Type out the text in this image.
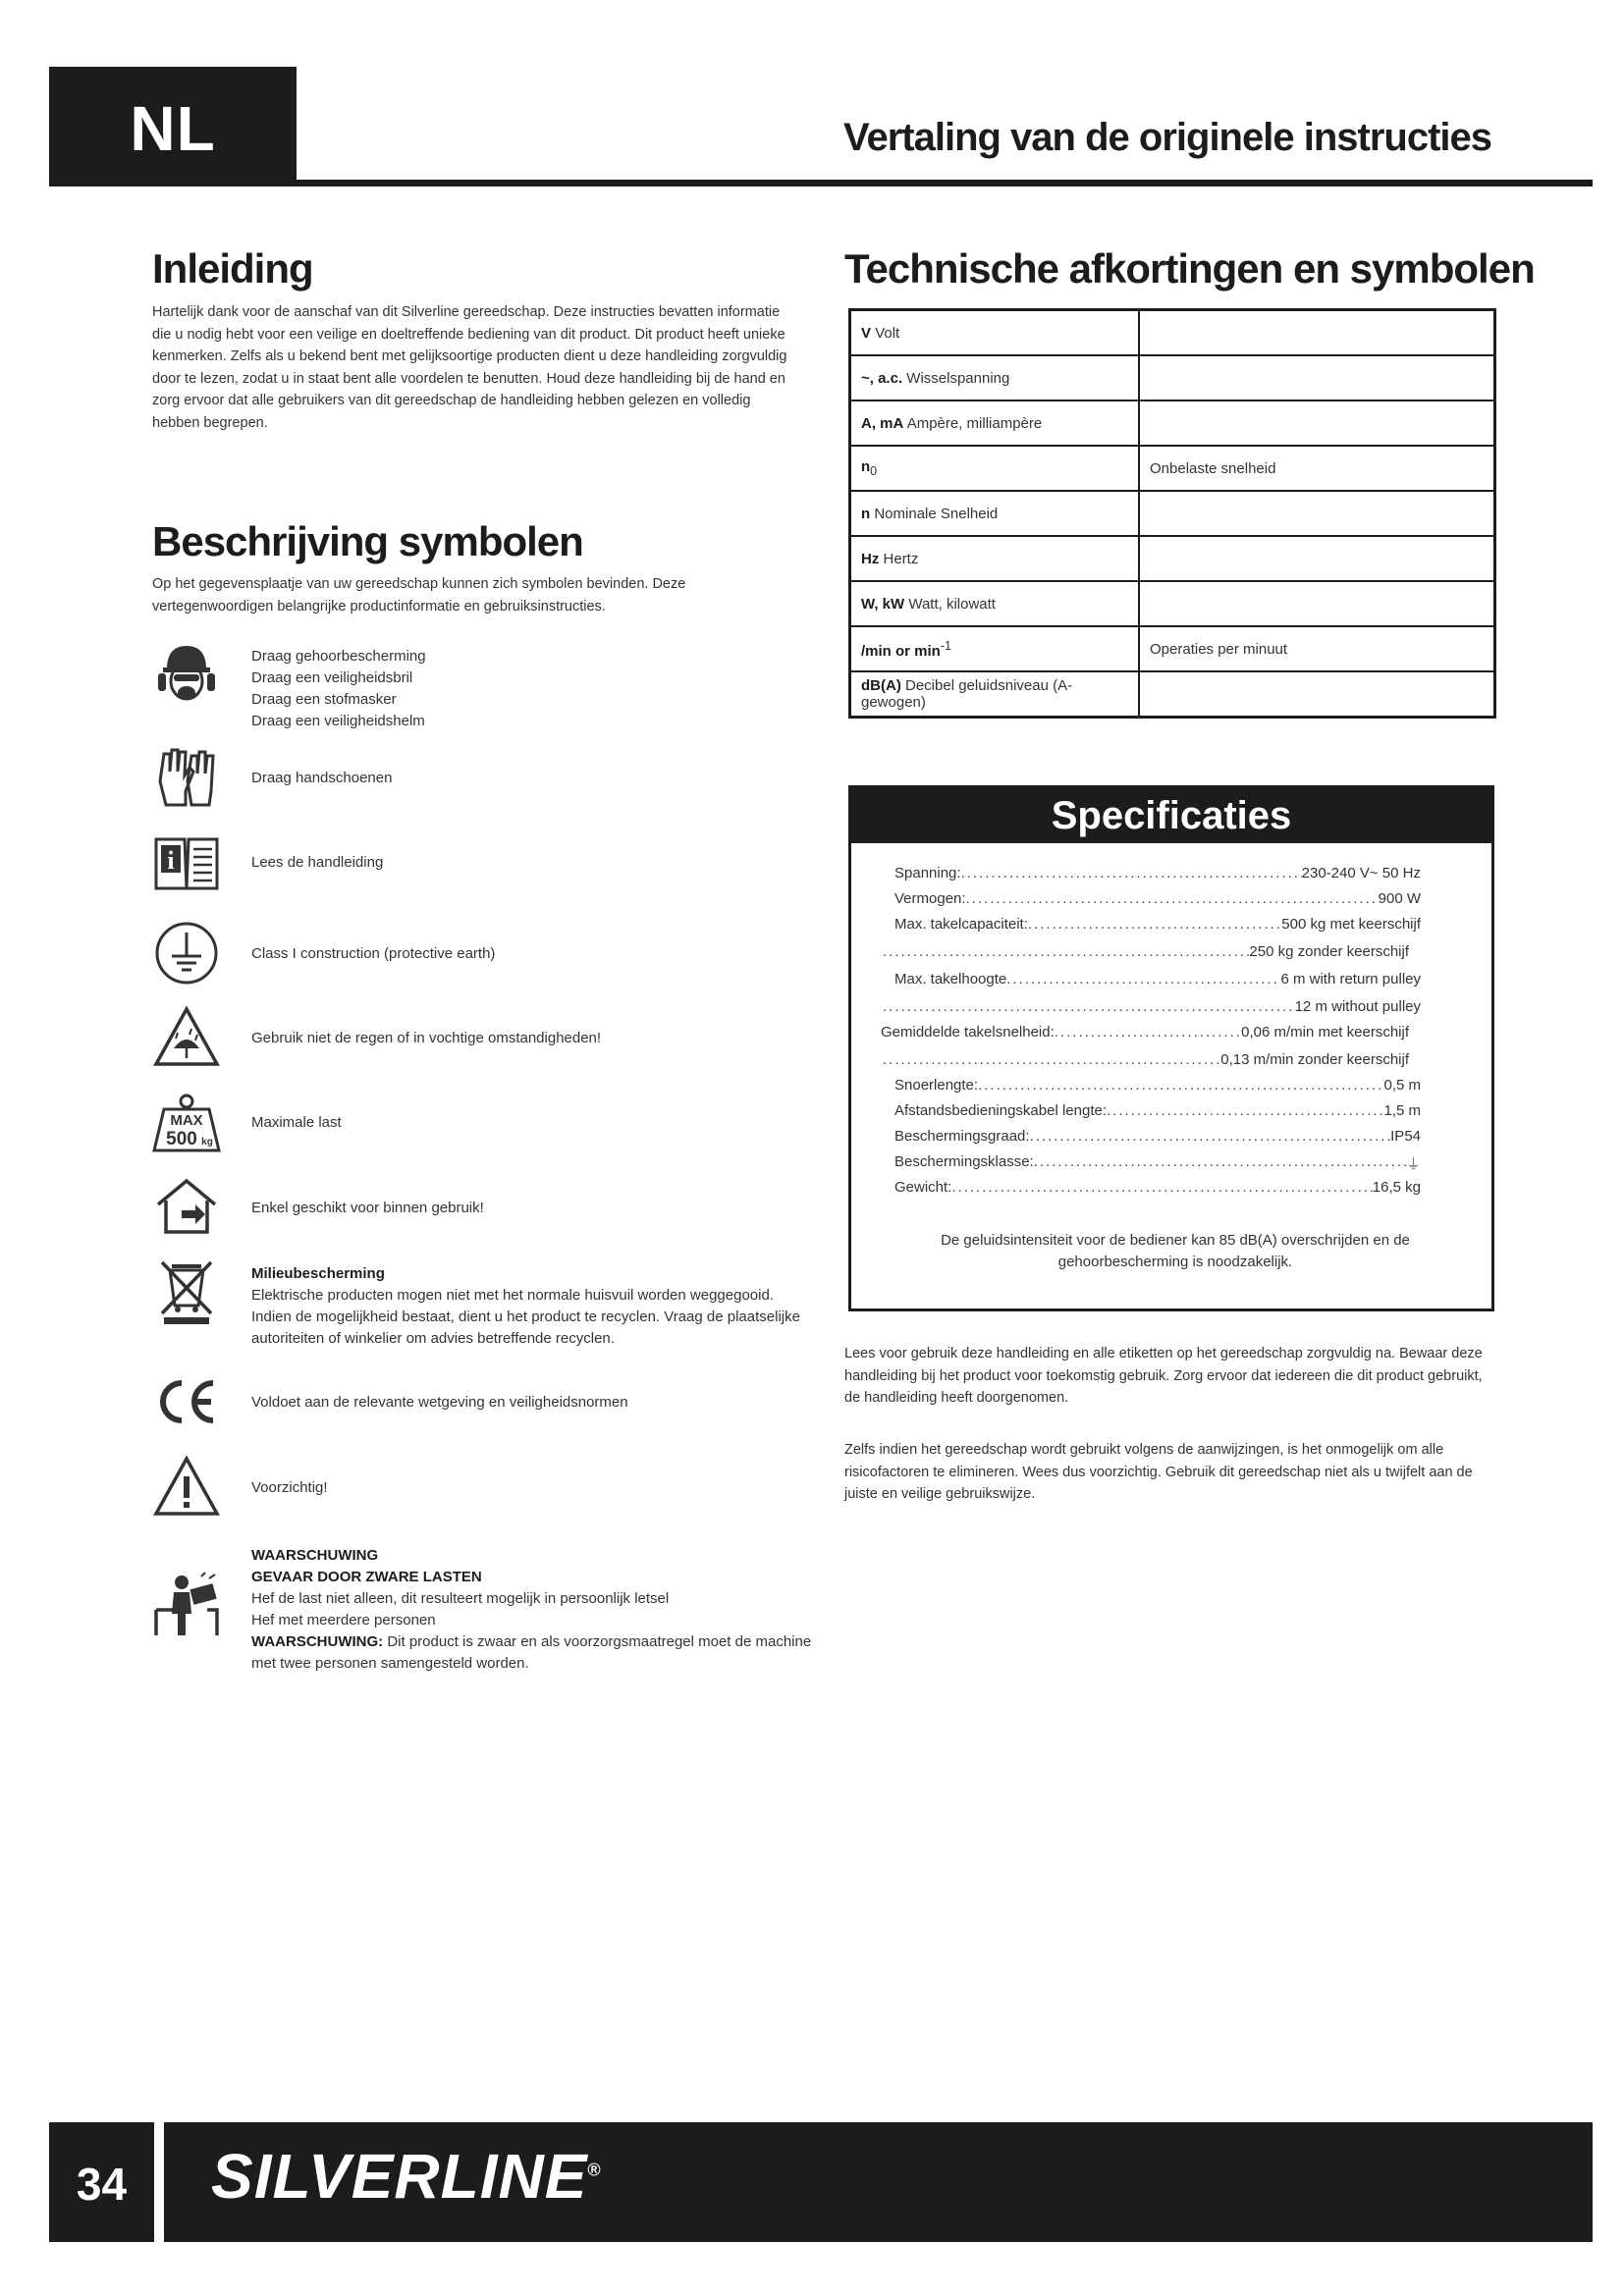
NL	Vertaling van de originele instructies
Inleiding
Hartelijk dank voor de aanschaf van dit Silverline gereedschap. Deze instructies bevatten informatie die u nodig hebt voor een veilige en doeltreffende bediening van dit product. Dit product heeft unieke kenmerken. Zelfs als u bekend bent met gelijksoortige producten dient u deze handleiding zorgvuldig door te lezen, zodat u in staat bent alle voordelen te benutten. Houd deze handleiding bij de hand en zorg ervoor dat alle gebruikers van dit gereedschap de handleiding hebben gelezen en volledig hebben begrepen.
Beschrijving symbolen
Op het gegevensplaatje van uw gereedschap kunnen zich symbolen bevinden. Deze vertegenwoordigen belangrijke productinformatie en gebruiksinstructies.
Draag gehoorbescherming
Draag een veiligheidsbril
Draag een stofmasker
Draag een veiligheidshelm
Draag handschoenen
i	Lees de handleiding
Class I construction (protective earth)
Gebruik niet de regen of in vochtige omstandigheden!
MAX
500 kg
Maximale last
Enkel geschikt voor binnen gebruik!
Milieubescherming
Elektrische producten mogen niet met het normale huisvuil worden weggegooid.
Indien de mogelijkheid bestaat, dient u het product te recyclen. Vraag de plaatselijke
autoriteiten of winkelier om advies betreffende recyclen.
Voldoet aan de relevante wetgeving en veiligheidsnormen
Voorzichtig!
WAARSCHUWING
GEVAAR DOOR ZWARE LASTEN
Hef de last niet alleen, dit resulteert mogelijk in persoonlijk letsel
Hef met meerdere personen
WAARSCHUWING: Dit product is zwaar en als voorzorgsmaatregel moet de machine
met twee personen samengesteld worden.
Technische afkortingen en symbolen
V Volt	
~, a.c. Wisselspanning	
A, mA Ampère, milliampère	
$n_0$	Onbelaste snelheid
n Nominale Snelheid	
Hz Hertz	
W, kW Watt, kilowatt	
/min or $\min^{-1}$	Operaties per minuut
dB(A) Decibel geluidsniveau (A-gewogen)	
Specificaties
Spanning: .....	230-240 V~ 50 Hz
Vermogen: .....	900 W
Max. takelcapaciteit: .....	500 kg met keerschijf
.....
250 kg zonder keerschijf
Max. takelhoogte .....	6 m with return pulley
.....
12 m without pulley
Gemiddelde takelsnelheid: .....	0,06 m/min met keerschijf
.....
0,13 m/min zonder keerschijf
Snoerlengte: .....	0,5 m
Afstandsbedieningskabel lengte: .....	1,5 m
Beschermingsgraad: .....	IP54
Beschermingsklasse: .....	⏚
Gewicht: .....	16,5 kg
De geluidsintensiteit voor de bediener kan 85 dB(A) overschrijden en de gehoorbescherming is noodzakelijk.
Lees voor gebruik deze handleiding en alle etiketten op het gereedschap zorgvuldig na. Bewaar deze handleiding bij het product voor toekomstig gebruik. Zorg ervoor dat iedereen die dit product gebruikt, de handleiding heeft doorgenomen.
Zelfs indien het gereedschap wordt gebruikt volgens de aanwijzingen, is het onmogelijk om alle risicofactoren te elimineren. Wees dus voorzichtig. Gebruik dit gereedschap niet als u twijfelt aan de juiste en veilige gebruikswijze.
34	SILVERLINE®
